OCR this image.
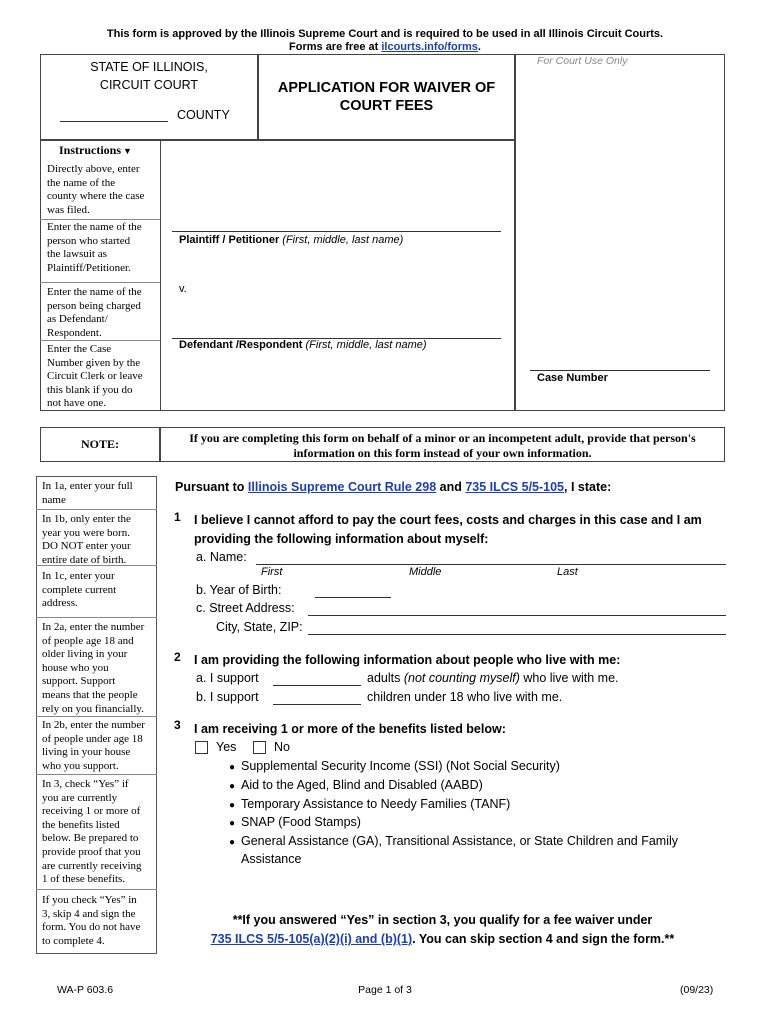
This form is approved by the Illinois Supreme Court and is required to be used in all Illinois Circuit Courts.
Forms are free at ilcourts.info/forms.
STATE OF ILLINOIS,
CIRCUIT COURT
COUNTY
APPLICATION FOR WAIVER OF
COURT FEES
For Court Use Only
Instructions ▼
Directly above, enter
the name of the
county where the case
was filed.
Enter the name of the
person who started
the lawsuit as
Plaintiff/Petitioner.
Enter the name of the
person being charged
as Defendant/
Respondent.
Enter the Case
Number given by the
Circuit Clerk or leave
this blank if you do
not have one.
Plaintiff / Petitioner (First, middle, last name)
v.
Defendant /Respondent (First, middle, last name)
Case Number
NOTE:	If you are completing this form on behalf of a minor or an incompetent adult, provide that person's
information on this form instead of your own information.
In 1a, enter your full
name
In 1b, only enter the
year you were born.
DO NOT enter your
entire date of birth.
In 1c, enter your
complete current
address.
In 2a, enter the number
of people age 18 and
older living in your
house who you
support. Support
means that the people
rely on you financially.
In 2b, enter the number
of people under age 18
living in your house
who you support.
In 3, check “Yes” if
you are currently
receiving 1 or more of
the benefits listed
below. Be prepared to
provide proof that you
are currently receiving
1 of these benefits.
If you check “Yes” in
3, skip 4 and sign the
form. You do not have
to complete 4.
Pursuant to Illinois Supreme Court Rule 298 and 735 ILCS 5/5-105, I state:
1 I believe I cannot afford to pay the court fees, costs and charges in this case and I am
providing the following information about myself:
a. Name:
First	Middle	Last
b. Year of Birth:
c. Street Address:
City, State, ZIP:
2 I am providing the following information about people who live with me:
a. I support	adults (not counting myself) who live with me.
b. I support	children under 18 who live with me.
3 I am receiving 1 or more of the benefits listed below:
Yes	No
● Supplemental Security Income (SSI) (Not Social Security)
● Aid to the Aged, Blind and Disabled (AABD)
● Temporary Assistance to Needy Families (TANF)
● SNAP (Food Stamps)
● General Assistance (GA), Transitional Assistance, or State Children and Family
Assistance
**If you answered “Yes” in section 3, you qualify for a fee waiver under
735 ILCS 5/5-105(a)(2)(i) and (b)(1). You can skip section 4 and sign the form.**
WA-P 603.6	Page 1 of 3	(09/23)
